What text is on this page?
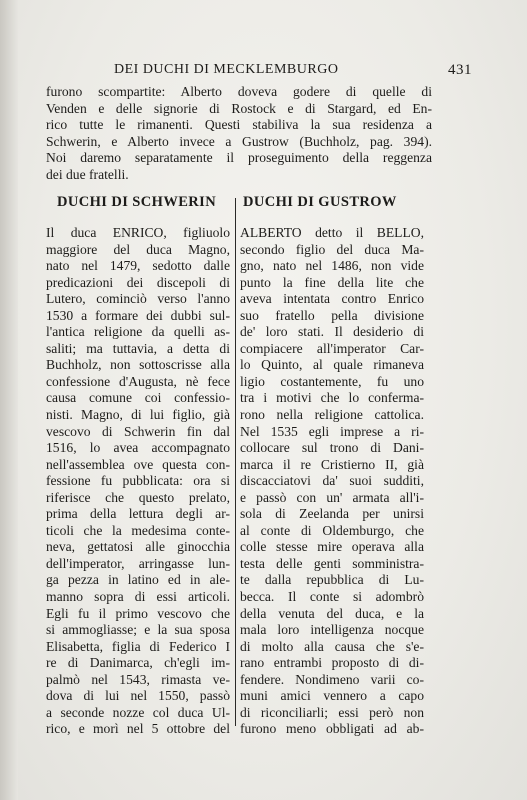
DEI DUCHI DI MECKLEMBURGO	431
furono scompartite: Alberto doveva godere di quelle di
Venden e delle signorie di Rostock e di Stargard, ed En-
rico tutte le rimanenti. Questi stabiliva la sua residenza a
Schwerin, e Alberto invece a Gustrow (Buchholz, pag. 394).
Noi daremo separatamente il proseguimento della reggenza
dei due fratelli.
DUCHI DI SCHWERIN DUCHI DI GUSTROW
Il duca ENRICO, figliuolo
maggiore del duca Magno,
nato nel 1479, sedotto dalle
predicazioni dei discepoli di
Lutero, cominciò verso l'anno
1530 a formare dei dubbi sul-
l'antica religione da quelli as-
saliti; ma tuttavia, a detta di
Buchholz, non sottoscrisse alla
confessione d'Augusta, nè fece
causa comune coi confessio-
nisti. Magno, di lui figlio, già
vescovo di Schwerin fin dal
1516, lo avea accompagnato
nell'assemblea ove questa con-
fessione fu pubblicata: ora si
riferisce che questo prelato,
prima della lettura degli ar-
ticoli che la medesima conte-
neva, gettatosi alle ginocchia
dell'imperator, arringasse lun-
ga pezza in latino ed in ale-
manno sopra di essi articoli.
Egli fu il primo vescovo che
si ammogliasse; e la sua sposa
Elisabetta, figlia di Federico I
re di Danimarca, ch'egli im-
palmò nel 1543, rimasta ve-
dova di lui nel 1550, passò
a seconde nozze col duca Ul-
rico, e morì nel 5 ottobre del
ALBERTO detto il BELLO,
secondo figlio del duca Ma-
gno, nato nel 1486, non vide
punto la fine della lite che
aveva intentata contro Enrico
suo fratello pella divisione
de' loro stati. Il desiderio di
compiacere all'imperator Car-
lo Quinto, al quale rimaneva
ligio costantemente, fu uno
tra i motivi che lo conferma-
rono nella religione cattolica.
Nel 1535 egli imprese a ri-
collocare sul trono di Dani-
marca il re Cristierno II, già
discacciatovi da' suoi sudditi,
e passò con un' armata all'i-
sola di Zeelanda per unirsi
al conte di Oldemburgo, che
colle stesse mire operava alla
testa delle genti somministra-
te dalla repubblica di Lu-
becca. Il conte si adombrò
della venuta del duca, e la
mala loro intelligenza nocque
di molto alla causa che s'e-
rano entrambi proposto di di-
fendere. Nondimeno varii co-
muni amici vennero a capo
di riconciliarli; essi però non
furono meno obbligati ad ab-
